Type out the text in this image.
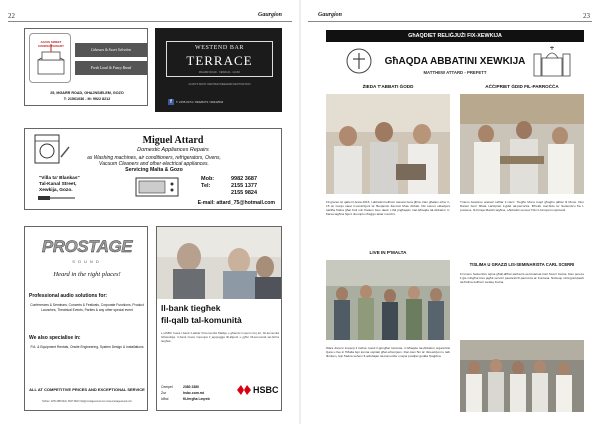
22	Gaurgion
AGUIS SWEET CONFECTIONARY
Cakesses & Sweet Selection
Fresh Local & Fancy Bread
25, MGARR ROAD, GHAJNSIELEM, GOZO
T: 21561036 - M: 9922 8212
WESTEND BAR
TERRACE
MGARR ROAD · XEWKIJA · GOZO
GOZO'S MOST AWAITED WEEKEND DESTINATION
f	T: 2155 0474 / 99420073 / 99442534
Miguel Attard
Domestic Appliances Repairs
as Washing machines, air conditioners, refrigerators, Ovens,
Vacuum Cleaners and other electrical appliances.
Servicing Malta & Gozo
"Villa ta' Blankas"
Tal-Kanal Street,
Xewkija, Gozo.
Mob:	9982 3687
Tel:	2155 1377
2155 9824
E-mail: attard_75@hotmail.com
PROSTAGE
SOUND
Heard in the right places!
Professional audio solutions for:
Conferences & Seminars, Concerts & Festivals, Corporate Functions, Product Launches, Theatrical Events, Parties & any other special event
We also specialise in:
P.A. & Equipment Rentals, Onsite Engineering, System Design & Installations
ALL AT COMPETITIVE PRICES AND EXCEPTIONAL SERVICE
Tel/Fax: 2155 2869 Mob: 9947 0822 info@prostagesound.com www.prostagesound.com
Il-bank tiegħek
fil-qalb tal-komunità
L-HSBC huwa l-bank il-akbar fil-komunità Maltija u għandu impenn fuq tul, bil-komunità Għawdxija. Il-bank huwa impenjat li jappoġġja lill-klijenti u jgħin lill-komunità tal-Gżira tiegħek.
Ċempel	2380 2380
Żur	hsbc.com.mt
Idħol	fil-fergħa l-eqreb
HSBC
Gaurgion	23
GħAQDIET RELIĠJUŻI FIX-XEWKIJA
GħAQDA ABBATINI XEWKIJA
MATTHEW ATTARD - PREFETT
ŻIEDA T'ABBATI ĠODD	AĊĊIPRIET ĠDID FIL-PARROĊĊA
Fil-granet ta' qabel il-festa 2015, l-abbatini kellhom tassew bera ġħira. Dan għaliex erba' ir-15 ta' Gunju saret il-vestizzjoni ta' Benjamin Zammit Mule Abbati. Din kienet okkażjoni sabiħa ħafna għal Kull min ħadem biex dawn t-tfal jingħaqdu mal-Għaqda tal-Abbatini. Il-ħarsa tagħna hija li nkomplu nħeġġu aktar membri.
Tmiem Awwissu wassal l-aħtar li l-Ecc. Tiegħu Mons Isqof għoġbu jaħtar lil Mons. Dun Daniel Xerri bħala l-aċċipriet il-ġdid tal-parroċċa. B'hekk mal-bidu ta' Settembru ħa l-pussess, fil-Knisja Matriċi tagħna, l-Abbatini servew f'din il-funzjoni importanti.
LIVE IN P'MALTA
TISLIMA U GRAZZI LIS-SEMINARISTA CARL SCERRI
Fi tmiem Settembru lejlna għall-aħħar darba lis-seminarista Carl Scerri fostna. Dan peress li ġie mibgħut biex jagħti servizz pastorali fil-parroċċa ta' Fontana. Nixtiequ nirringrazzjawh tal-ħidma kollha li wettaq fostna.
Wara diversi impenji li kellna matul il-ġimgħat tal-festa, il-Għaqda tal-Abbatini organizzat żjara u live in f'Malta fejn konna ospitati għal erbat ijiem. Dan kien ħin ta' rikreazzjoni u talb flimkien, fejn ħadna sehem fl-attivitajiet tal-komunità u rajna postijiet ġodda f'pajjiżna.
